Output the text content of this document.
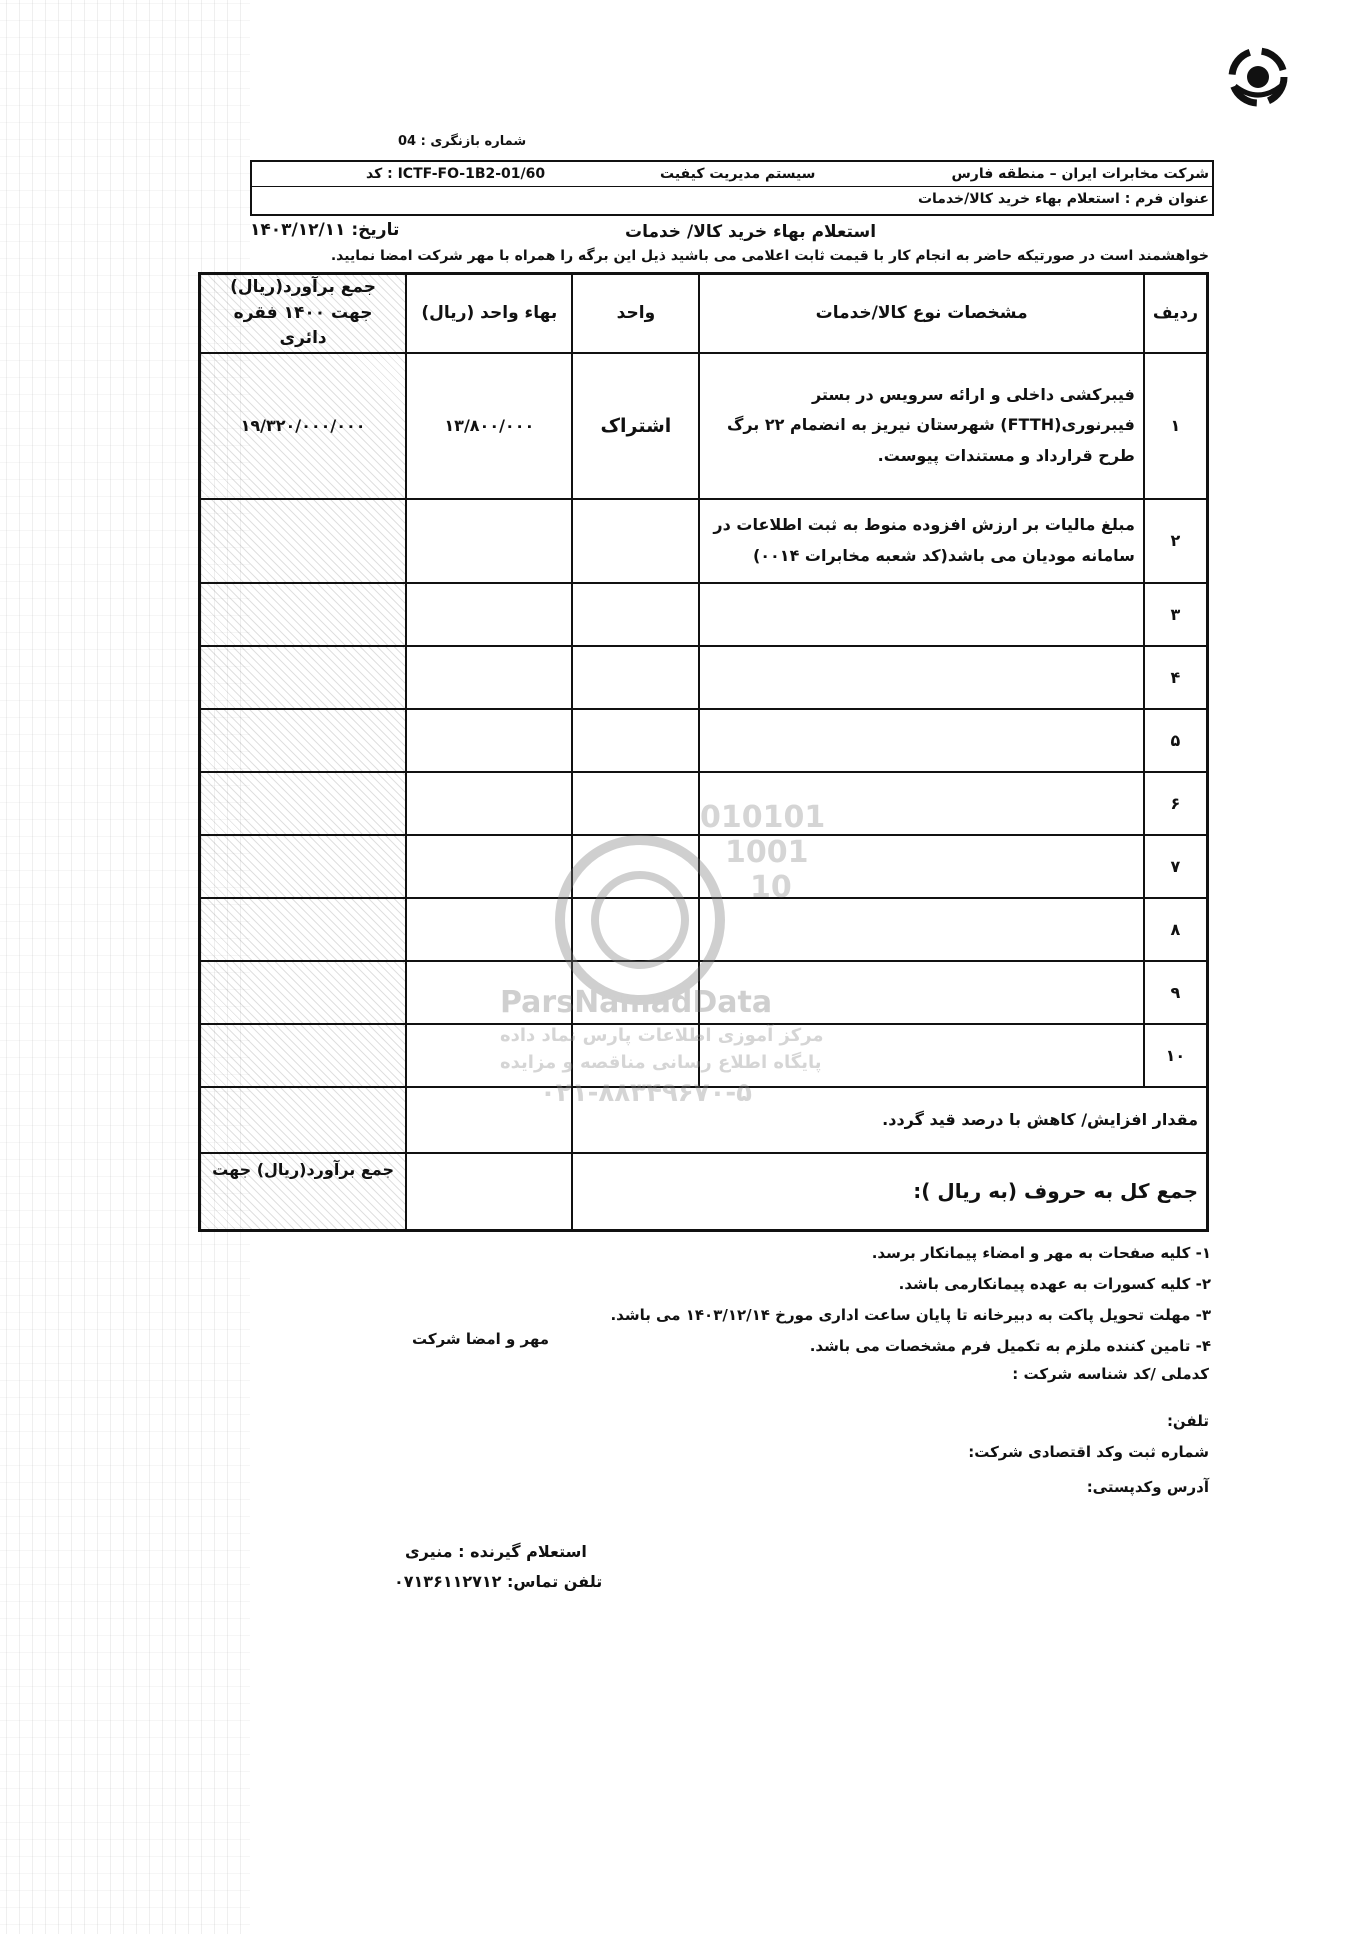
شماره بازنگری : 04
شرکت مخابرات ایران – منطقه فارس
سیستم مدیریت کیفیت
کد : ICTF-FO-1B2-01/60
عنوان فرم : استعلام بهاء خرید کالا/خدمات
استعلام بهاء خرید کالا/ خدمات
تاریخ: ۱۴۰۳/۱۲/۱۱
خواهشمند است در صورتیکه حاضر به انجام کار با قیمت ثابت اعلامی می باشید ذیل این برگه را همراه با مهر شرکت امضا نمایید.
ردیف	مشخصات نوع کالا/خدمات	واحد	بهاء واحد (ریال)	جمع برآورد(ریال) جهت ۱۴۰۰ فقره دائری
۱	فیبرکشی داخلی و ارائه سرویس در بستر فیبرنوری(FTTH) شهرستان نیریز به انضمام ۲۲ برگ طرح قرارداد و مستندات پیوست.	اشتراک	۱۳/۸۰۰/۰۰۰	۱۹/۳۲۰/۰۰۰/۰۰۰
۲	مبلغ مالیات بر ارزش افزوده منوط به ثبت اطلاعات در سامانه مودیان می باشد(کد شعبه مخابرات ۰۰۱۴)			
۳				
۴				
۵				
۶				
۷				
۸				
۹				
۱۰				
مقدار افزایش/ کاهش با درصد قید گردد.				
جمع کل به حروف (به ریال ):				جمع برآورد(ریال) جهت
۱- کلیه صفحات به مهر و امضاء پیمانکار برسد.
۲- کلیه کسورات به عهده پیمانکارمی باشد.
۳- مهلت تحویل پاکت به دبیرخانه تا پایان ساعت اداری مورخ ۱۴۰۳/۱۲/۱۴ می باشد.
۴- تامین کننده ملزم به تکمیل فرم مشخصات می باشد.
کدملی /کد شناسه شرکت :
تلفن:
شماره ثبت وکد اقتصادی شرکت:
آدرس وکدپستی:
مهر و امضا شرکت
استعلام گیرنده : منیری
تلفن تماس: ۰۷۱۳۶۱۱۲۷۱۲
010101
1001
10
ParsNamadData
مرکز آموزی اطلاعات پارس نماد داده
پایگاه اطلاع رسانی مناقصه و مزایده
۰۲۱-۸۸۳۴۹۶۷۰-۵
